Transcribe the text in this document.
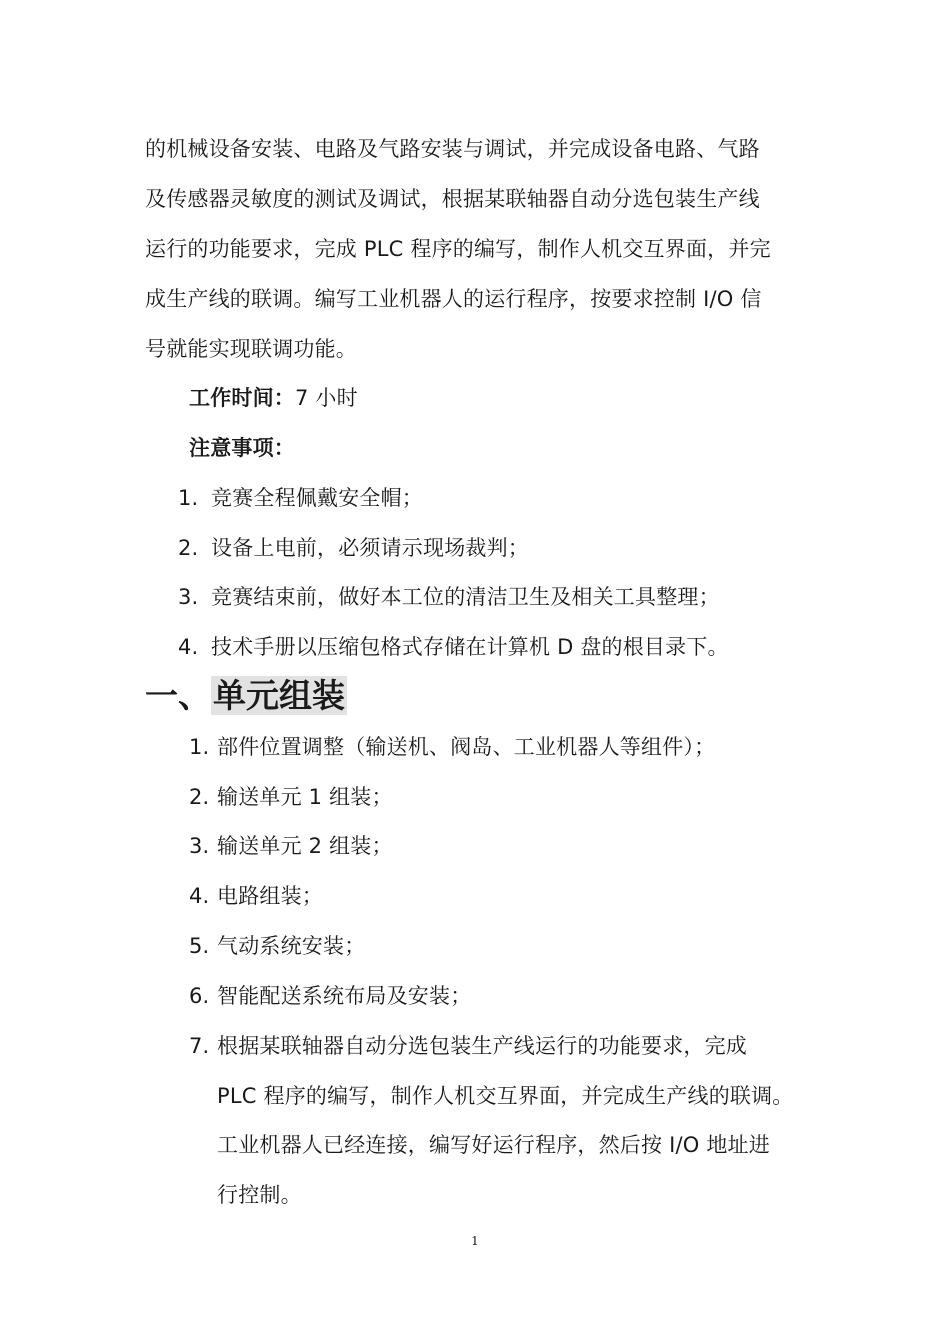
的机械设备安装、电路及气路安装与调试，并完成设备电路、气路
及传感器灵敏度的测试及调试，根据某联轴器自动分选包装生产线
运行的功能要求，完成 PLC 程序的编写，制作人机交互界面，并完
成生产线的联调。编写工业机器人的运行程序，按要求控制 I/O 信
号就能实现联调功能。
工作时间：7 小时
注意事项：
1. 竞赛全程佩戴安全帽；
2. 设备上电前，必须请示现场裁判；
3. 竞赛结束前，做好本工位的清洁卫生及相关工具整理；
4. 技术手册以压缩包格式存储在计算机 D 盘的根目录下。
一、单元组装
1. 部件位置调整（输送机、阀岛、工业机器人等组件）；
2. 输送单元 1 组装；
3. 输送单元 2 组装；
4. 电路组装；
5. 气动系统安装；
6. 智能配送系统布局及安装；
7. 根据某联轴器自动分选包装生产线运行的功能要求，完成
PLC 程序的编写，制作人机交互界面，并完成生产线的联调。
工业机器人已经连接，编写好运行程序，然后按 I/O 地址进
行控制。
1
